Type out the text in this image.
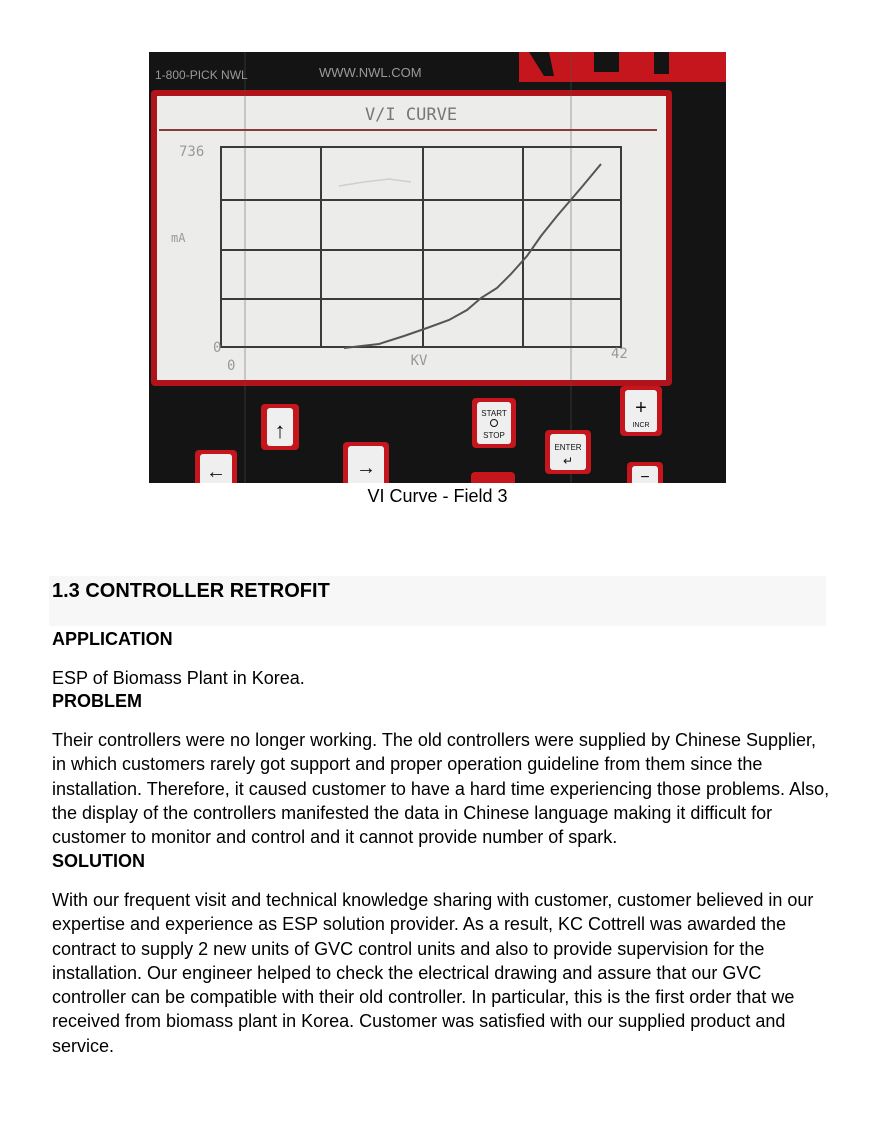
1-800-PICK NWL	WWW.NWL.COM
V/I CURVE
736
0
mA
0	KV	42
↑
START
STOP
+
INCR
ENTER
↵
←	→	−
VI Curve - Field 3
1.3 CONTROLLER RETROFIT

APPLICATION

ESP of Biomass Plant in Korea.

PROBLEM

Their controllers were no longer working. The old controllers were supplied by Chinese Supplier, in which customers rarely got support and proper operation guideline from them since the installation. Therefore, it caused customer to have a hard time experiencing those problems. Also, the display of the controllers manifested the data in Chinese language making it difficult for customer to monitor and control and it cannot provide number of spark.

SOLUTION

With our frequent visit and technical knowledge sharing with customer, customer believed in our expertise and experience as ESP solution provider. As a result, KC Cottrell was awarded the contract to supply 2 new units of GVC control units and also to provide supervision for the installation. Our engineer helped to check the electrical drawing and assure that our GVC controller can be compatible with their old controller. In particular, this is the first order that we received from biomass plant in Korea. Customer was satisfied with our supplied product and service.
